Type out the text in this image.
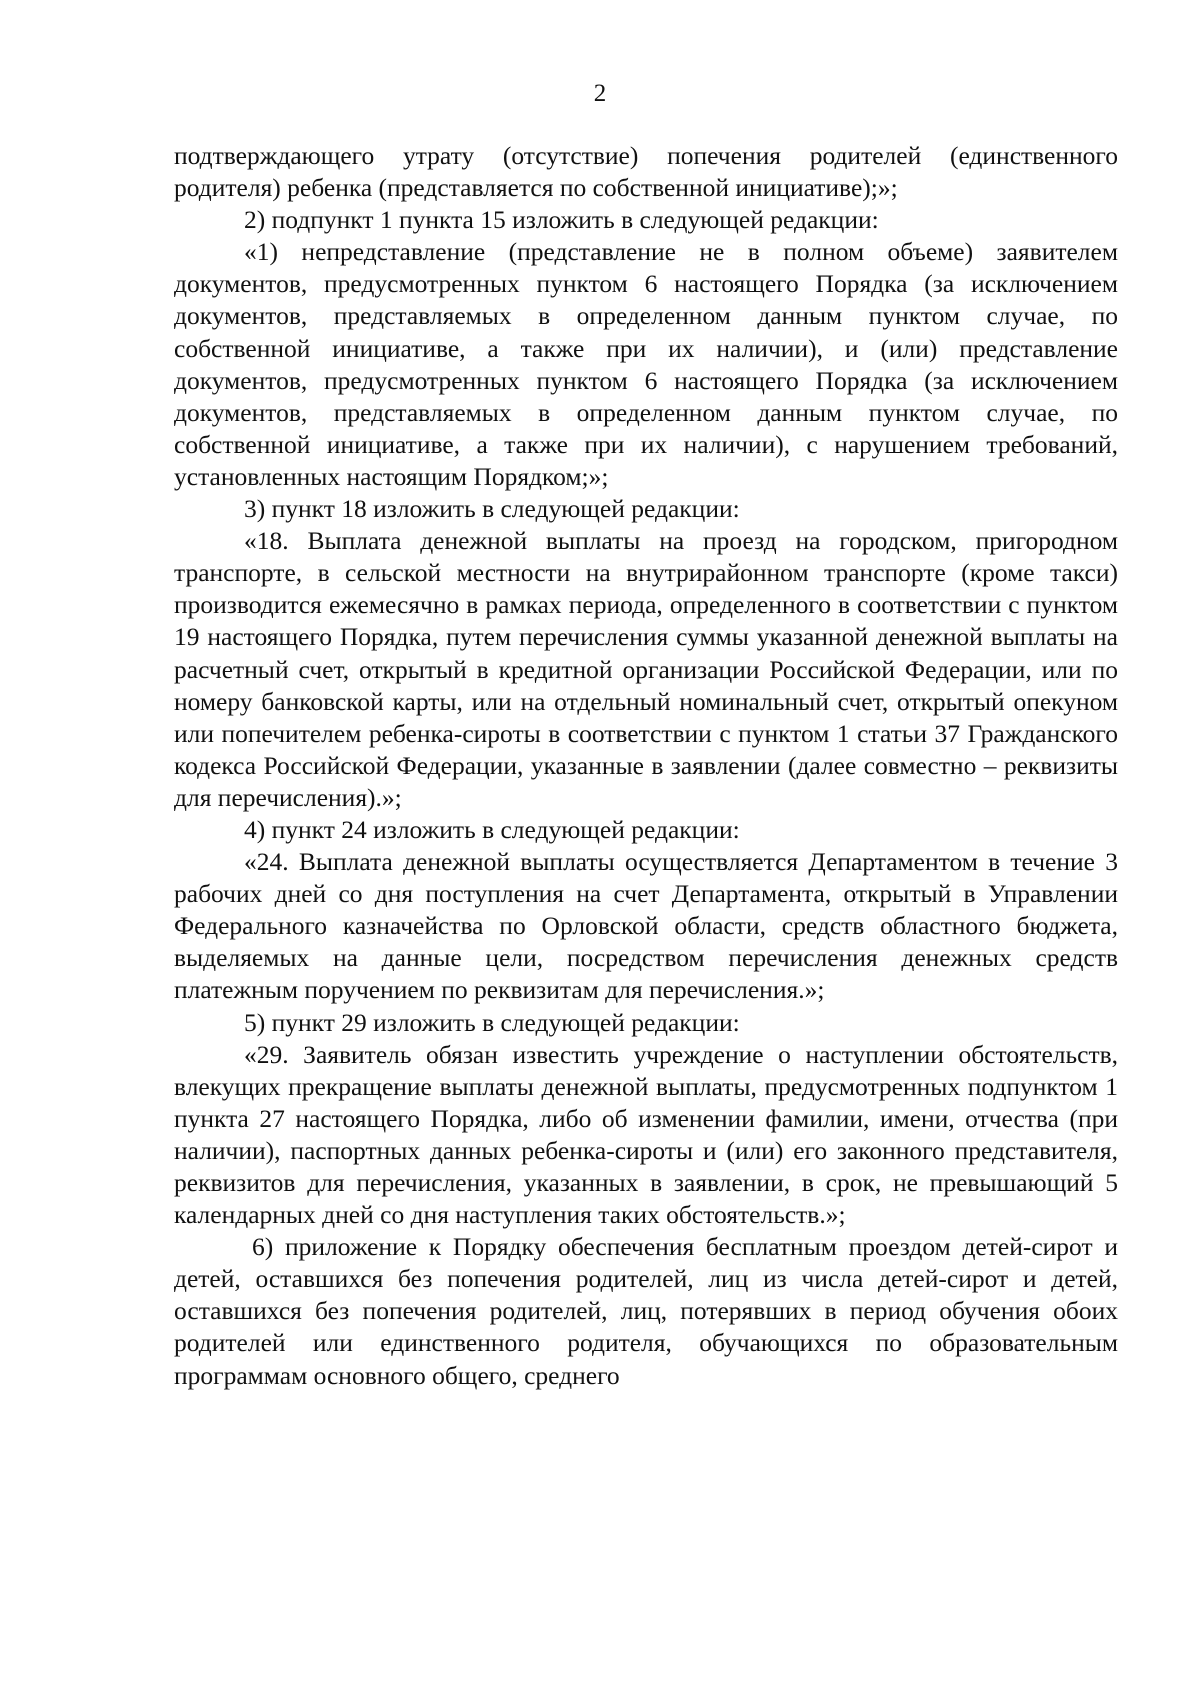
2

подтверждающего утрату (отсутствие) попечения родителей (единственного родителя) ребенка (представляется по собственной инициативе);»;

2) подпункт 1 пункта 15 изложить в следующей редакции:

«1) непредставление (представление не в полном объеме) заявителем документов, предусмотренных пунктом 6 настоящего Порядка (за исключением документов, представляемых в определенном данным пунктом случае, по собственной инициативе, а также при их наличии), и (или) представление документов, предусмотренных пунктом 6 настоящего Порядка (за исключением документов, представляемых в определенном данным пунктом случае, по собственной инициативе, а также при их наличии), с нарушением требований, установленных настоящим Порядком;»;

3) пункт 18 изложить в следующей редакции:

«18. Выплата денежной выплаты на проезд на городском, пригородном транспорте, в сельской местности на внутрирайонном транспорте (кроме такси) производится ежемесячно в рамках периода, определенного в соответствии с пунктом 19 настоящего Порядка, путем перечисления суммы указанной денежной выплаты на расчетный счет, открытый в кредитной организации Российской Федерации, или по номеру банковской карты, или на отдельный номинальный счет, открытый опекуном или попечителем ребенка-сироты в соответствии с пунктом 1 статьи 37 Гражданского кодекса Российской Федерации, указанные в заявлении (далее совместно – реквизиты для перечисления).»;

4) пункт 24 изложить в следующей редакции:

«24. Выплата денежной выплаты осуществляется Департаментом в течение 3 рабочих дней со дня поступления на счет Департамента, открытый в Управлении Федерального казначейства по Орловской области, средств областного бюджета, выделяемых на данные цели, посредством перечисления денежных средств платежным поручением по реквизитам для перечисления.»;

5) пункт 29 изложить в следующей редакции:

«29. Заявитель обязан известить учреждение о наступлении обстоятельств, влекущих прекращение выплаты денежной выплаты, предусмотренных подпунктом 1 пункта 27 настоящего Порядка, либо об изменении фамилии, имени, отчества (при наличии), паспортных данных ребенка-сироты и (или) его законного представителя, реквизитов для перечисления, указанных в заявлении, в срок, не превышающий 5 календарных дней со дня наступления таких обстоятельств.»;

6) приложение к Порядку обеспечения бесплатным проездом детей-сирот и детей, оставшихся без попечения родителей, лиц из числа детей-сирот и детей, оставшихся без попечения родителей, лиц, потерявших в период обучения обоих родителей или единственного родителя, обучающихся по образовательным программам основного общего, среднего
